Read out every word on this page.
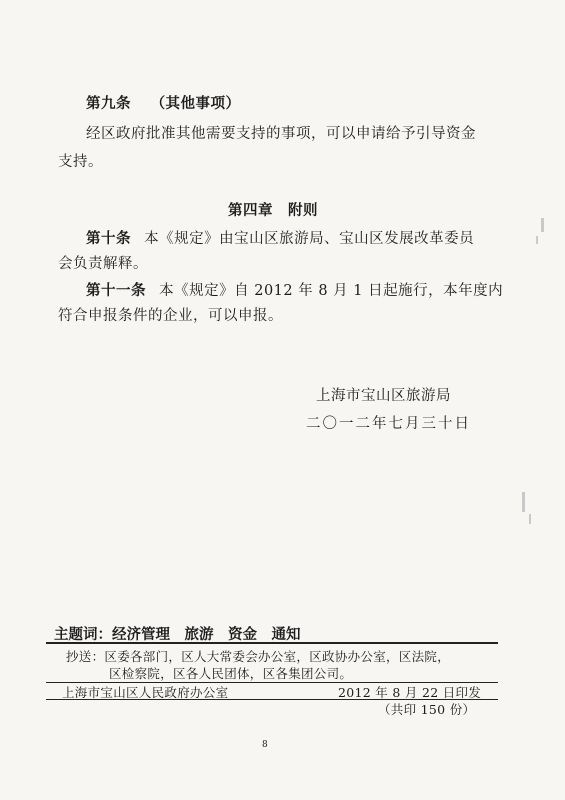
第九条 （其他事项）
经区政府批准其他需要支持的事项，可以申请给予引导资金
支持。
第四章　附则
第十条 本《规定》由宝山区旅游局、宝山区发展改革委员
会负责解释。
第十一条 本《规定》自 2012 年 8 月 1 日起施行，本年度内
符合申报条件的企业，可以申报。
上海市宝山区旅游局
二〇一二年七月三十日
主题词：经济管理　旅游　资金　通知
抄送：区委各部门，区人大常委会办公室，区政协办公室，区法院，
区检察院，区各人民团体，区各集团公司。
上海市宝山区人民政府办公室	2012 年 8 月 22 日印发
（共印 150 份）
8
